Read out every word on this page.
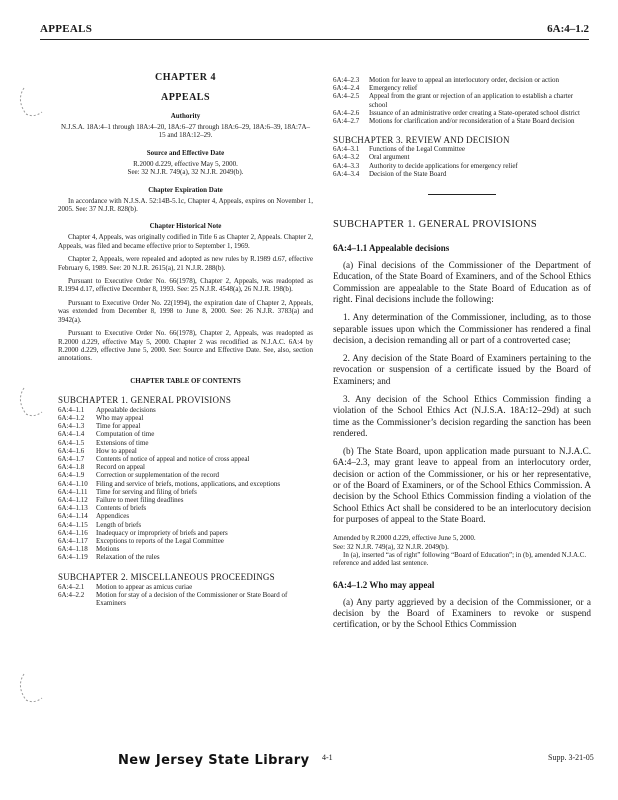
APPEALS	6A:4–1.2
CHAPTER 4
APPEALS
Authority
N.J.S.A. 18A:4–1 through 18A:4–20, 18A:6–27 through 18A:6–29, 18A:6–39, 18A:7A–15 and 18A:12–29.
Source and Effective Date
R.2000 d.229, effective May 5, 2000.
See: 32 N.J.R. 749(a), 32 N.J.R. 2049(b).
Chapter Expiration Date
In accordance with N.J.S.A. 52:14B-5.1c, Chapter 4, Appeals, expires on November 1, 2005. See: 37 N.J.R. 828(b).
Chapter Historical Note
Chapter 4, Appeals, was originally codified in Title 6 as Chapter 2, Appeals. Chapter 2, Appeals, was filed and became effective prior to September 1, 1969.
Chapter 2, Appeals, were repealed and adopted as new rules by R.1989 d.67, effective February 6, 1989. See: 20 N.J.R. 2615(a), 21 N.J.R. 288(b).
Pursuant to Executive Order No. 66(1978), Chapter 2, Appeals, was readopted as R.1994 d.17, effective December 8, 1993. See: 25 N.J.R. 4548(a), 26 N.J.R. 198(b).
Pursuant to Executive Order No. 22(1994), the expiration date of Chapter 2, Appeals, was extended from December 8, 1998 to June 8, 2000. See: 26 N.J.R. 3783(a) and 3942(a).
Pursuant to Executive Order No. 66(1978), Chapter 2, Appeals, was readopted as R.2000 d.229, effective May 5, 2000. Chapter 2 was recodified as N.J.A.C. 6A:4 by R.2000 d.229, effective June 5, 2000. See: Source and Effective Date. See, also, section annotations.
CHAPTER TABLE OF CONTENTS
SUBCHAPTER 1. GENERAL PROVISIONS
6A:4–1.1	Appealable decisions
6A:4–1.2	Who may appeal
6A:4–1.3	Time for appeal
6A:4–1.4	Computation of time
6A:4–1.5	Extensions of time
6A:4–1.6	How to appeal
6A:4–1.7	Contents of notice of appeal and notice of cross appeal
6A:4–1.8	Record on appeal
6A:4–1.9	Correction or supplementation of the record
6A:4–1.10	Filing and service of briefs, motions, applications, and exceptions
6A:4–1.11	Time for serving and filing of briefs
6A:4–1.12	Failure to meet filing deadlines
6A:4–1.13	Contents of briefs
6A:4–1.14	Appendices
6A:4–1.15	Length of briefs
6A:4–1.16	Inadequacy or impropriety of briefs and papers
6A:4–1.17	Exceptions to reports of the Legal Committee
6A:4–1.18	Motions
6A:4–1.19	Relaxation of the rules
SUBCHAPTER 2. MISCELLANEOUS PROCEEDINGS
6A:4–2.1	Motion to appear as amicus curiae
6A:4–2.2	Motion for stay of a decision of the Commissioner or State Board of Examiners
6A:4–2.3	Motion for leave to appeal an interlocutory order, decision or action
6A:4–2.4	Emergency relief
6A:4–2.5	Appeal from the grant or rejection of an application to establish a charter school
6A:4–2.6	Issuance of an administrative order creating a State-operated school district
6A:4–2.7	Motions for clarification and/or reconsideration of a State Board decision
SUBCHAPTER 3. REVIEW AND DECISION
6A:4–3.1	Functions of the Legal Committee
6A:4–3.2	Oral argument
6A:4–3.3	Authority to decide applications for emergency relief
6A:4–3.4	Decision of the State Board
SUBCHAPTER 1. GENERAL PROVISIONS
6A:4–1.1 Appealable decisions
(a) Final decisions of the Commissioner of the Department of Education, of the State Board of Examiners, and of the School Ethics Commission are appealable to the State Board of Education as of right. Final decisions include the following:
1. Any determination of the Commissioner, including, as to those separable issues upon which the Commissioner has rendered a final decision, a decision remanding all or part of a controverted case;
2. Any decision of the State Board of Examiners pertaining to the revocation or suspension of a certificate issued by the Board of Examiners; and
3. Any decision of the School Ethics Commission finding a violation of the School Ethics Act (N.J.S.A. 18A:12–29d) at such time as the Commissioner’s decision regarding the sanction has been rendered.
(b) The State Board, upon application made pursuant to N.J.A.C. 6A:4–2.3, may grant leave to appeal from an interlocutory order, decision or action of the Commissioner, or his or her representative, or of the Board of Examiners, or of the School Ethics Commission. A decision by the School Ethics Commission finding a violation of the School Ethics Act shall be considered to be an interlocutory decision for purposes of appeal to the State Board.
Amended by R.2000 d.229, effective June 5, 2000.
See: 32 N.J.R. 749(a), 32 N.J.R. 2049(b).
In (a), inserted “as of right” following “Board of Education”; in (b), amended N.J.A.C. reference and added last sentence.
6A:4–1.2 Who may appeal
(a) Any party aggrieved by a decision of the Commissioner, or a decision by the Board of Examiners to revoke or suspend certification, or by the School Ethics Commission
New Jersey State Library 4-1	Supp. 3-21-05
